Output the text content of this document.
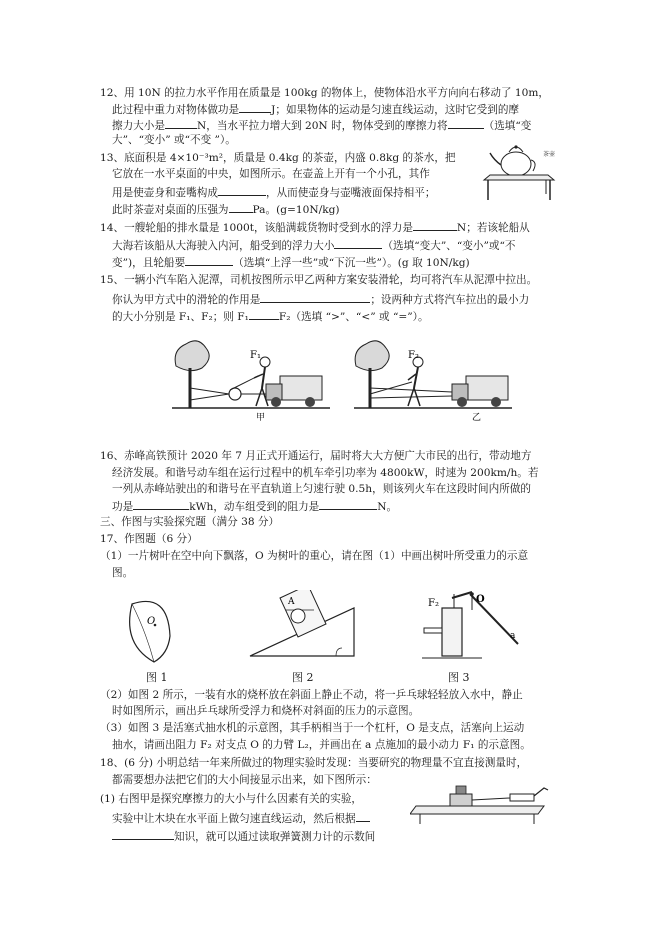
12、用 10N 的拉力水平作用在质量是 100kg 的物体上，使物体沿水平方向向右移动了 10m，
此过程中重力对物体做功是	J；如果物体的运动是匀速直线运动，这时它受到的摩
擦力大小是	N，当水平拉力增大到 20N 时，物体受到的摩擦力将	（选填“变
大”、“变小” 或“不变 ”）。
13、底面积是 4×10⁻³m²，质量是 0.4kg 的茶壶，内盛 0.8kg 的茶水，把
它放在一水平桌面的中央，如图所示。在壶盖上开有一个小孔，其作
用是使壶身和壶嘴构成	，从而使壶身与壶嘴液面保持相平；
此时茶壶对桌面的压强为 Pa。(g=10N/kg)
茶壶
14、一艘轮船的排水量是 1000t，该船满载货物时受到水的浮力是	N；若该轮船从
大海若该船从大海驶入内河，船受到的浮力大小	（选填“变大”、“变小”或“不
变”)，且轮船要	（选填“上浮一些”或“下沉一些”）。(g 取 10N/kg)
15、一辆小汽车陷入泥潭，司机按图所示甲乙两种方案安装滑轮，均可将汽车从泥潭中拉出。
你认为甲方式中的滑轮的作用是	；设两种方式将汽车拉出的最小力
的大小分别是 F₁、F₂；则 F₁	F₂（选填 “>”、“<” 或 “=”）。
F₁
甲
F₂
乙
16、赤峰高铁预计 2020 年 7 月正式开通运行，届时将大大方便广大市民的出行，带动地方
经济发展。和谐号动车组在运行过程中的机车牵引功率为 4800kW，时速为 200km/h。若
一列从赤峰站驶出的和谐号在平直轨道上匀速行驶 0.5h，则该列火车在这段时间内所做的
功是	kWh，动车组受到的阻力是	N。
三、作图与实验探究题（满分 38 分）
17、作图题（6 分）
（1）一片树叶在空中向下飘落，O 为树叶的重心，请在图（1）中画出树叶所受重力的示意
图。
O
A	F₂	O
a
图 1	图 2	图 3
（2）如图 2 所示，一装有水的烧杯放在斜面上静止不动，将一乒乓球轻轻放入水中，静止
时如图所示，画出乒乓球所受浮力和烧杯对斜面的压力的示意图。
（3）如图 3 是活塞式抽水机的示意图，其手柄相当于一个杠杆，O 是支点，活塞向上运动
抽水，请画出阻力 F₂ 对支点 O 的力臂 L₂，并画出在 a 点施加的最小动力 F₁ 的示意图。
18、(6 分) 小明总结一年来所做过的物理实验时发现：当要研究的物理量不宜直接测量时，
都需要想办法把它们的大小间接显示出来，如下图所示：
(1) 右图甲是探究摩擦力的大小与什么因素有关的实验，
实验中让木块在水平面上做匀速直线运动，然后根据
知识，就可以通过读取弹簧测力计的示数间
